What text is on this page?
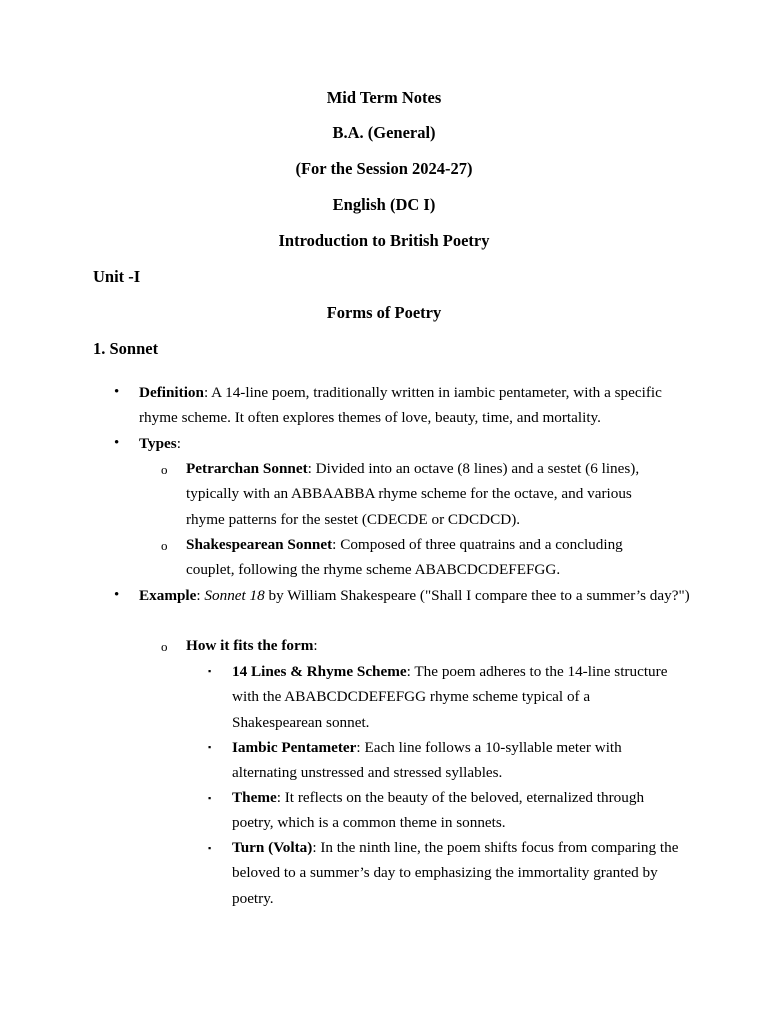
Mid Term Notes
B.A. (General)
(For the Session 2024-27)
English (DC I)
Introduction to British Poetry
Unit -I
Forms of Poetry
1. Sonnet
• Definition: A 14-line poem, traditionally written in iambic pentameter, with a specific rhyme scheme. It often explores themes of love, beauty, time, and mortality.
• Types:
o Petrarchan Sonnet: Divided into an octave (8 lines) and a sestet (6 lines), typically with an ABBAABBA rhyme scheme for the octave, and various rhyme patterns for the sestet (CDECDE or CDCDCD).
o Shakespearean Sonnet: Composed of three quatrains and a concluding couplet, following the rhyme scheme ABABCDCDEFEFGG.
• Example: Sonnet 18 by William Shakespeare ("Shall I compare thee to a summer’s day?")
o How it fits the form:
▪ 14 Lines & Rhyme Scheme: The poem adheres to the 14-line structure with the ABABCDCDEFEFGG rhyme scheme typical of a Shakespearean sonnet.
▪ Iambic Pentameter: Each line follows a 10-syllable meter with alternating unstressed and stressed syllables.
▪ Theme: It reflects on the beauty of the beloved, eternalized through poetry, which is a common theme in sonnets.
▪ Turn (Volta): In the ninth line, the poem shifts focus from comparing the beloved to a summer’s day to emphasizing the immortality granted by poetry.
